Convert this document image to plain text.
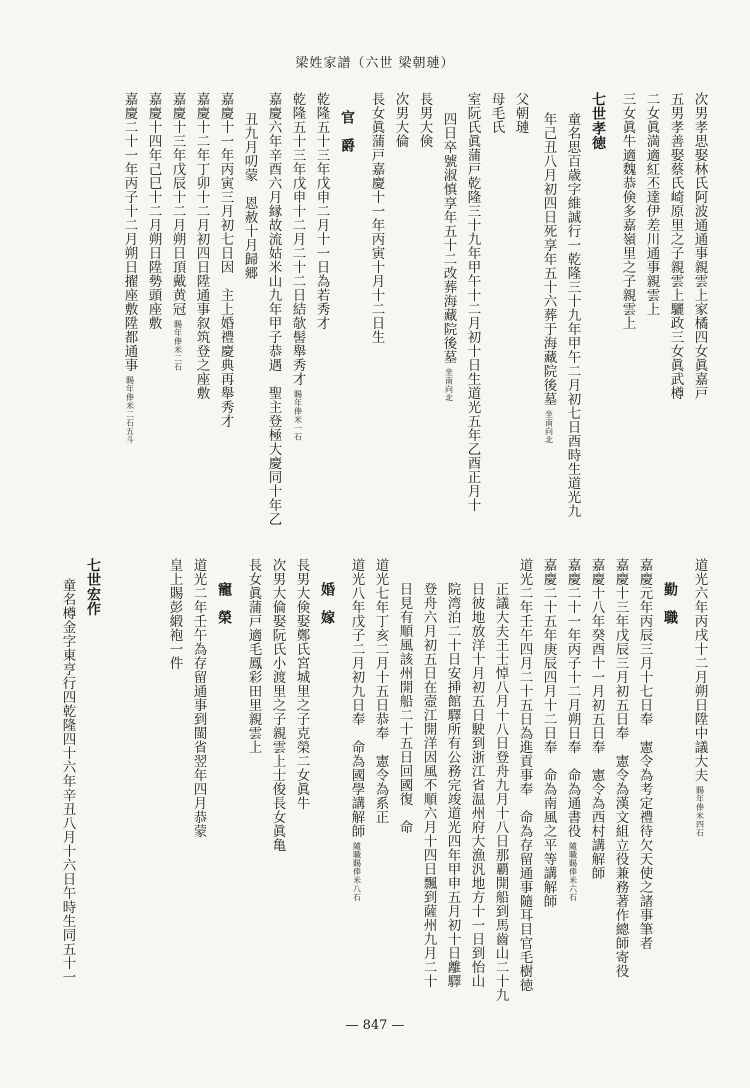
梁姓家譜（六世 梁朝璉）
次男孝思娶林氏阿波通通事親雲上家橘四女眞嘉戸
五男孝善娶蔡氏崎原里之子親雲上驪政三女眞武樽
二女眞満適紅丕達伊差川通事親雲上
三女眞牛適魏恭倹多嘉嶺里之子親雲上
七世孝徳
童名思百歳字維誠行一乾隆三十九年甲午二月初七日酉時生道光九
年己丑八月初四日死享年五十六葬于海藏院後墓坐南向北
父朝璉
母毛氏
室阮氏眞蒲戸乾隆三十九年甲午十二月初十日生道光五年乙酉正月十
四日卒號淑慎享年五十二改葬海藏院後墓坐南向北
長男大倹
次男大倫
長女眞蒲戸嘉慶十一年丙寅十月十二日生
官爵
乾隆五十三年戊申二月十一日為若秀才
乾隆五十三年戊申十二月二十二日結欹髻舉秀才賜年俸米一石
嘉慶六年辛酉六月縁故流姑米山九年甲子恭遇　聖主登極大慶同十年乙
丑九月叨蒙　恩赦十月歸郷
嘉慶十一年丙寅三月初七日因　主上婚禮慶典再舉秀才
嘉慶十二年丁卯十二月初四日陞通事叙筑登之座敷
嘉慶十三年戊辰十二月朔日頂戴黄冠賜年俸米二石
嘉慶十四年己巳十二月朔日陞勢頭座敷
嘉慶二十一年丙子十二月朔日擢座敷陞都通事賜年俸米二石五斗
道光六年丙戌十二月朔日陞中議大夫賜年俸米四石
勤職
嘉慶元年丙辰三月十七日奉　憲令為考定禮待欠天使之諸事筆者
嘉慶十三年戊辰三月初五日奉　憲令為漢文組立役兼務著作總師寄役
嘉慶十八年癸酉十一月初五日奉　憲令為西村講解師
嘉慶二十一年丙子十二月朔日奉　命為通書役隨職賜俸米六石
嘉慶二十五年庚辰四月十二日奉　命為南風之平等講解師
道光二年壬午四月二十五日為進貢事奉　命為存留通事隨耳目官毛樹徳
正議大夫王士悼八月十八日登舟九月十八日那覇開船到馬齒山二十九
日彼地放洋十月初五日駛到浙江省温州府大漁汎地方十一日到怡山
院湾泊二十日安挿館驛所有公務完竣道光四年甲申五月初十日離驛
登舟六月初五日在壼江開洋因風不順六月十四日飄到薩州九月二十
日見有順風該州開船二十五日回國復　命
道光七年丁亥二月十五日恭奉　憲令為系正
道光八年戊子二月初九日奉　命為國學講解師隨職賜俸米八石
婚嫁
長男大倹娶鄭氏宮城里之子克榮二女眞牛
次男大倫娶阮氏小渡里之子親雲上士俊長女眞亀
長女眞蒲戸適毛鳳彩田里親雲上
寵榮
道光二年壬午為存留通事到閩省翌年四月恭蒙
皇上賜彭緞袍一件
七世宏作
童名樽金字東亨行四乾隆四十六年辛丑八月十六日午時生同五十一
— 847 —
